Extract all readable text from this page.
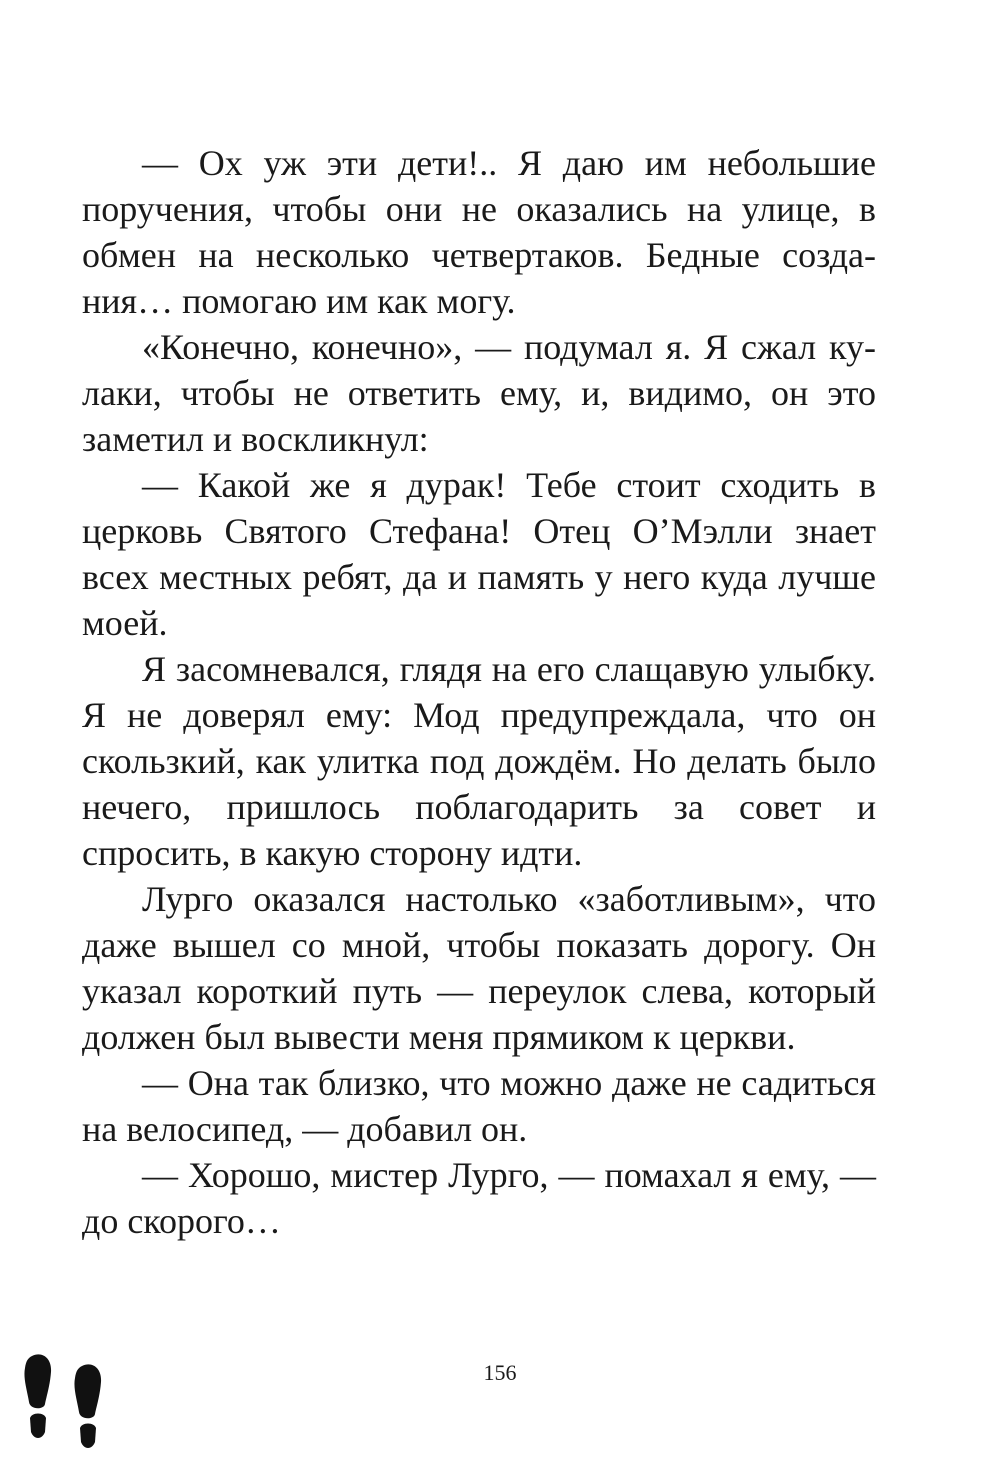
— Ох уж эти дети!.. Я даю им небольшие поручения, чтобы они не оказались на улице, в обмен на несколько четвертаков. Бедные создания… помогаю им как могу.

«Конечно, конечно», — подумал я. Я сжал кулаки, чтобы не ответить ему, и, видимо, он это заметил и воскликнул:

— Какой же я дурак! Тебе стоит сходить в церковь Святого Стефана! Отец О’Мэлли знает всех местных ребят, да и память у него куда лучше моей.

Я засомневался, глядя на его слащавую улыбку. Я не доверял ему: Мод предупреждала, что он скользкий, как улитка под дождём. Но делать было нечего, пришлось поблагодарить за совет и спросить, в какую сторону идти.

Лурго оказался настолько «заботливым», что даже вышел со мной, чтобы показать дорогу. Он указал короткий путь — переулок слева, который должен был вывести меня прямиком к церкви.

— Она так близко, что можно даже не садиться на велосипед, — добавил он.

— Хорошо, мистер Лурго, — помахал я ему, — до скорого…

156
